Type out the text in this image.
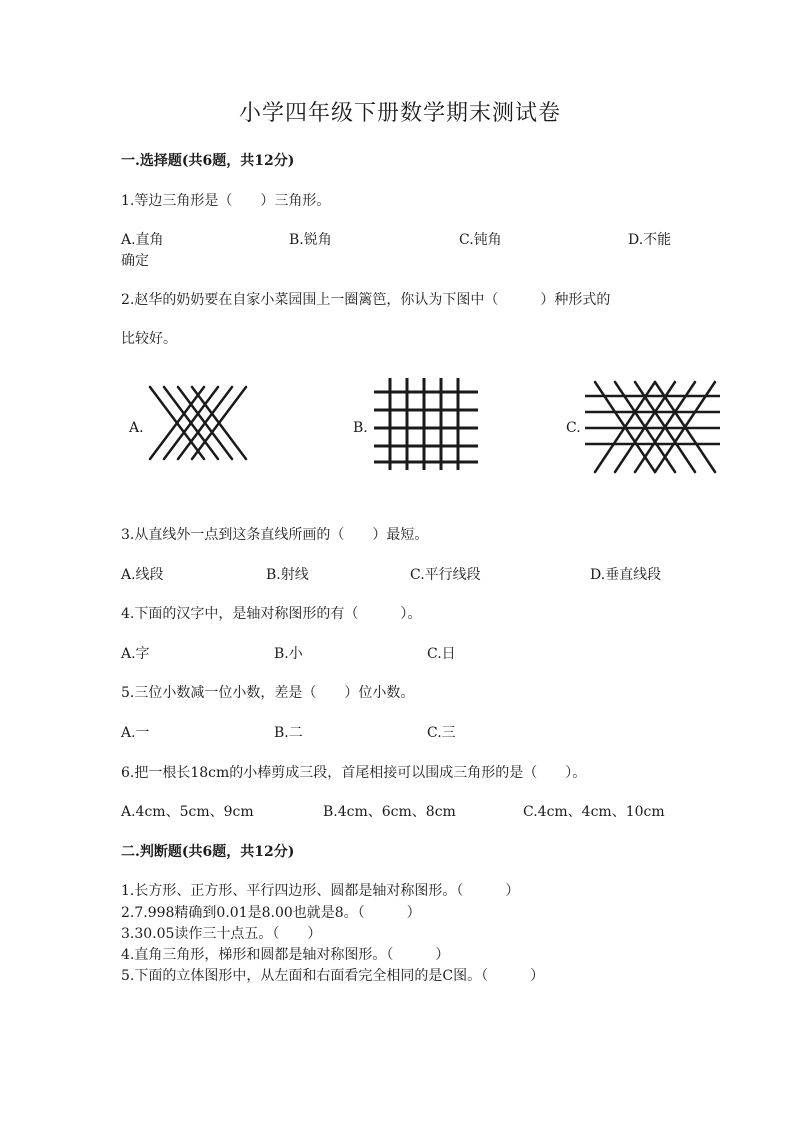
小学四年级下册数学期末测试卷
一.选择题(共6题，共12分)
1.等边三角形是（　　）三角形。
A.直角	B.锐角	C.钝角	D.不能
确定
2.赵华的奶奶要在自家小菜园围上一圈篱笆，你认为下图中（　　　）种形式的
比较好。
A.	B.	C.
3.从直线外一点到这条直线所画的（　　）最短。
A.线段	B.射线	C.平行线段	D.垂直线段
4.下面的汉字中，是轴对称图形的有（　　　）。
A.字	B.小	C.日
5.三位小数减一位小数，差是（　　）位小数。
A.一	B.二	C.三
6.把一根长18cm的小棒剪成三段，首尾相接可以围成三角形的是（　　）。
A.4cm、5cm、9cm	B.4cm、6cm、8cm	C.4cm、4cm、10cm
二.判断题(共6题，共12分)
1.长方形、正方形、平行四边形、圆都是轴对称图形。（　　　）
2.7.998精确到0.01是8.00也就是8。（　　　）
3.30.05读作三十点五。（　　）
4.直角三角形，梯形和圆都是轴对称图形。（　　　）
5.下面的立体图形中，从左面和右面看完全相同的是C图。（　　　）
